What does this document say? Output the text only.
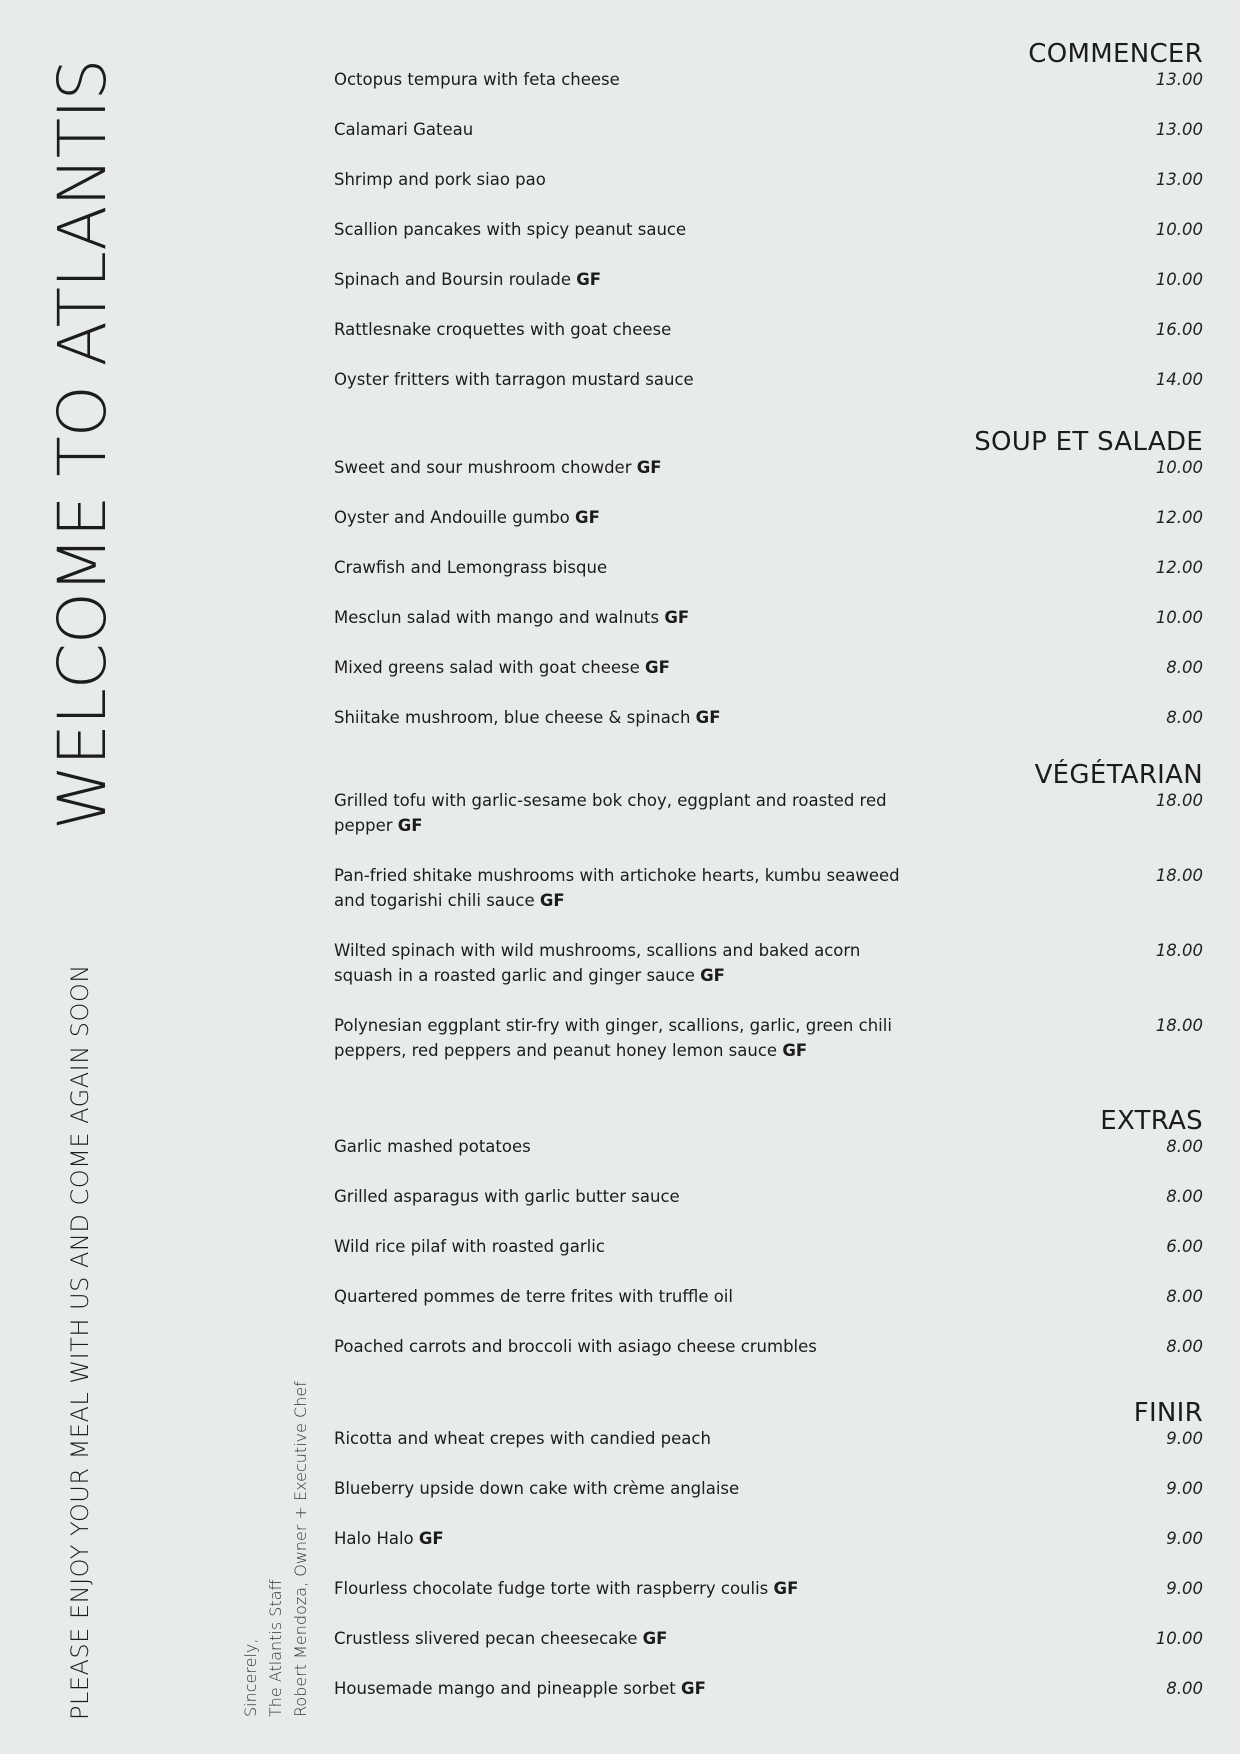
WELCOME TO ATLANTIS
PLEASE ENJOY YOUR MEAL WITH US AND COME AGAIN SOON	Sincerely, The Atlantis Staff Robert Mendoza, Owner + Executive Chef
COMMENCER
Octopus tempura with feta cheese	13.00
Calamari Gateau	13.00
Shrimp and pork siao pao	13.00
Scallion pancakes with spicy peanut sauce	10.00
Spinach and Boursin roulade GF	10.00
Rattlesnake croquettes with goat cheese	16.00
Oyster fritters with tarragon mustard sauce	14.00
SOUP ET SALADE
Sweet and sour mushroom chowder GF	10.00
Oyster and Andouille gumbo GF	12.00
Crawfish and Lemongrass bisque	12.00
Mesclun salad with mango and walnuts GF	10.00
Mixed greens salad with goat cheese GF	8.00
Shiitake mushroom, blue cheese & spinach GF	8.00
VÉGÉTARIAN
Grilled tofu with garlic-sesame bok choy, eggplant and roasted red pepper GF
18.00
Pan-fried shitake mushrooms with artichoke hearts, kumbu seaweed and togarishi chili sauce GF
18.00
Wilted spinach with wild mushrooms, scallions and baked acorn squash in a roasted garlic and ginger sauce GF
18.00
Polynesian eggplant stir-fry with ginger, scallions, garlic, green chili peppers, red peppers and peanut honey lemon sauce GF
18.00
EXTRAS
Garlic mashed potatoes	8.00
Grilled asparagus with garlic butter sauce	8.00
Wild rice pilaf with roasted garlic	6.00
Quartered pommes de terre frites with truffle oil	8.00
Poached carrots and broccoli with asiago cheese crumbles	8.00
FINIR
Ricotta and wheat crepes with candied peach	9.00
Blueberry upside down cake with crème anglaise	9.00
Halo Halo GF	9.00
Flourless chocolate fudge torte with raspberry coulis GF	9.00
Crustless slivered pecan cheesecake GF	10.00
Housemade mango and pineapple sorbet GF	8.00
